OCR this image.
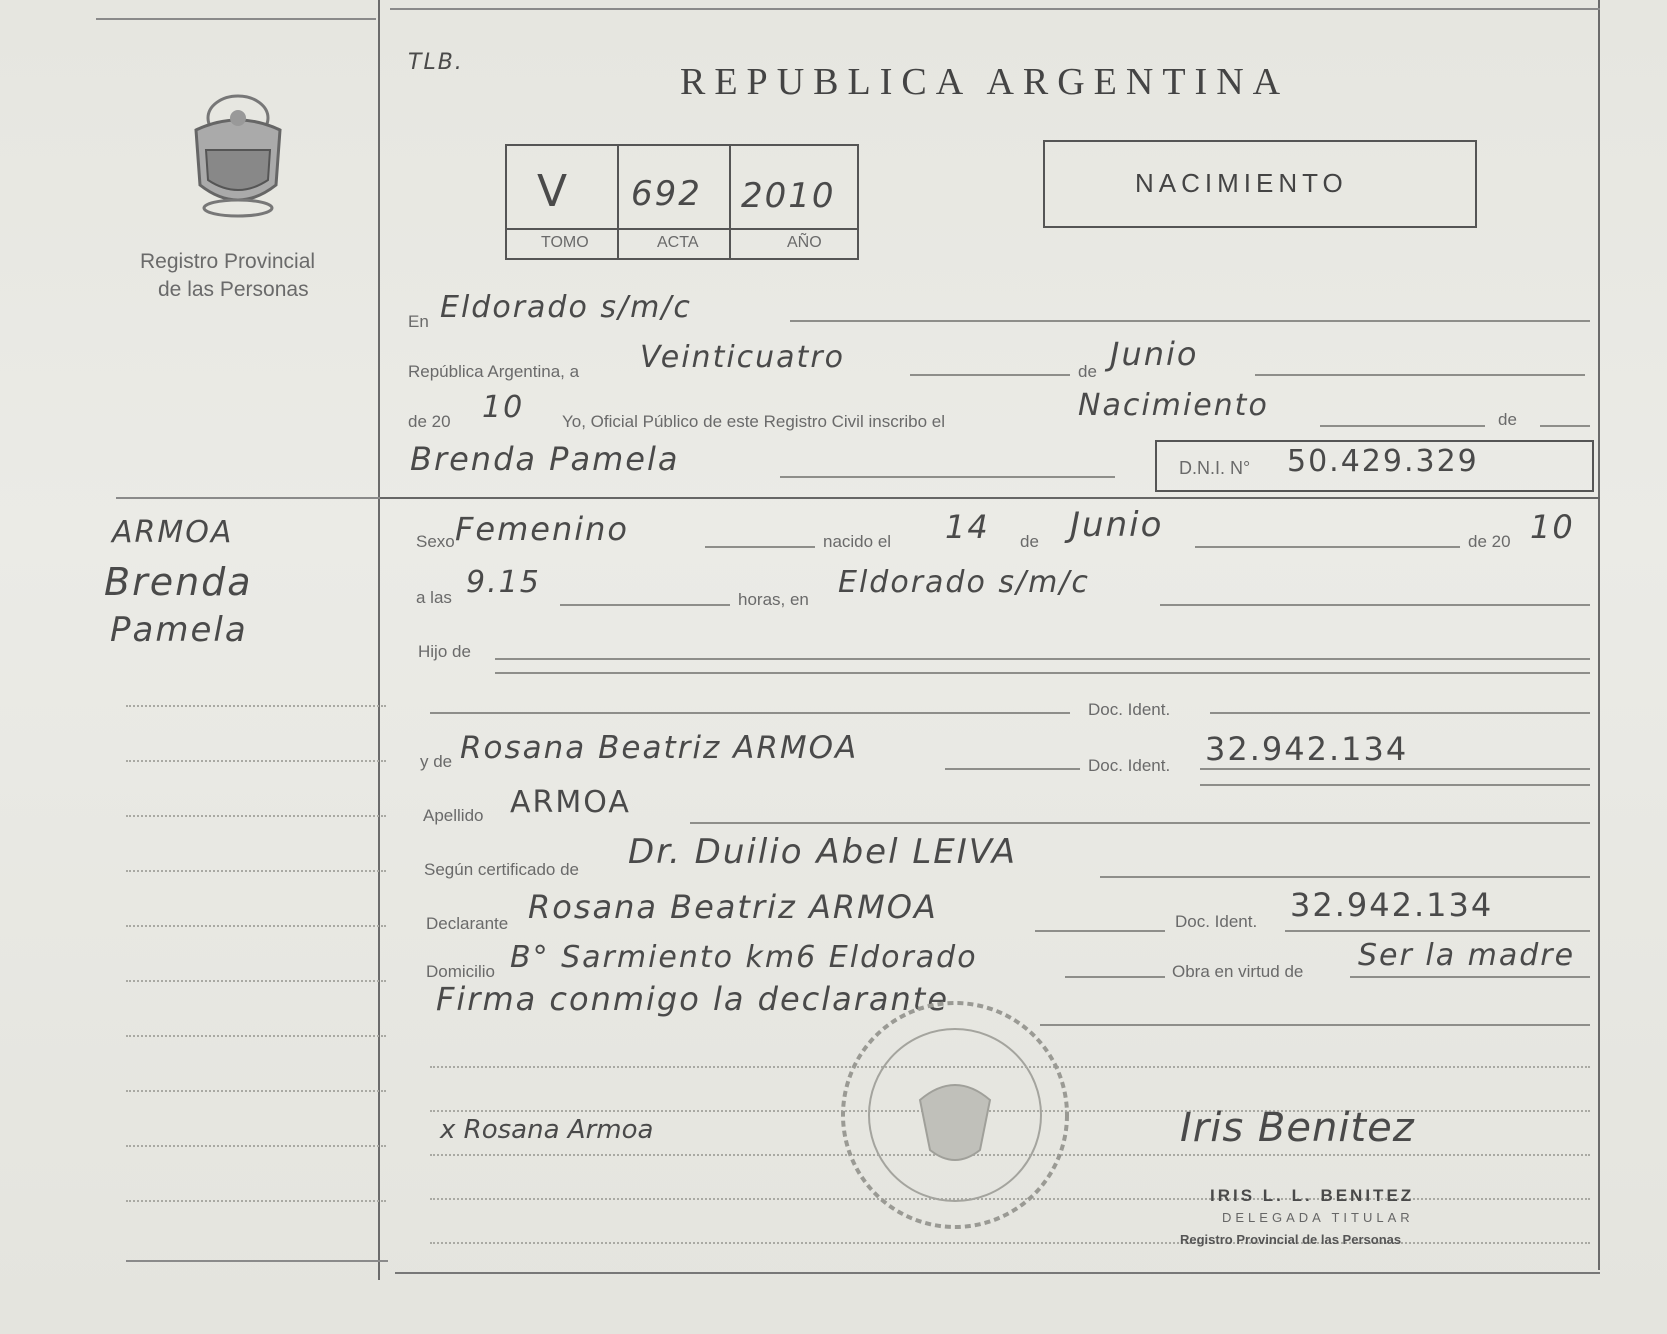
Registro Provincial
de las Personas
ARMOA
Brenda
Pamela
TLB.	REPUBLICA ARGENTINA
V 692 2010
TOMO	ACTA	AÑO
NACIMIENTO
En Eldorado s/m/c
República Argentina, a Veinticuatro	de Junio
de 20 10 Yo, Oficial Público de este Registro Civil inscribo el	Nacimiento	de
Brenda Pamela	D.N.I. N° 50.429.329
Sexo Femenino	nacido el 14 de Junio	de 20 10
a las 9.15	horas, en Eldorado s/m/c
Hijo de
Doc. Ident.
y de Rosana Beatriz ARMOA	Doc. Ident. 32.942.134
Apellido ARMOA
Según certificado de Dr. Duilio Abel LEIVA
Declarante Rosana Beatriz ARMOA	Doc. Ident. 32.942.134
Domicilio B° Sarmiento km6 Eldorado	Obra en virtud de Ser la madre
Firma conmigo la declarante
x Rosana Armoa	Iris Benitez
IRIS L. L. BENITEZ
DELEGADA TITULAR
Registro Provincial de las Personas
